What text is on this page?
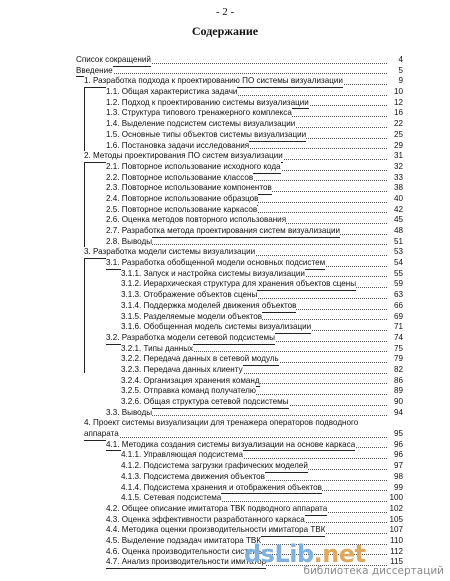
- 2 -
Содержание
Список сокращений	4
Введение	5
1. Разработка подхода к проектированию ПО системы визуализации	9
1.1. Общая характеристика задачи	10
1.2. Подход к проектированию системы визуализации	12
1.3. Структура типового тренажерного комплекса	16
1.4. Выделение подсистем системы визуализации	22
1.5. Основные типы объектов системы визуализации	25
1.6. Постановка задачи исследования	29
2. Методы проектирования ПО систем визуализации	31
2.1. Повторное использование исходного кода	32
2.2. Повторное использование классов	33
2.3. Повторное использование компонентов	38
2.4. Повторное использование образцов	40
2.5. Повторное использование каркасов	42
2.6. Оценка методов повторного использования	45
2.7. Разработка метода проектирования систем визуализации	48
2.8. Выводы	51
3. Разработка модели системы визуализации	53
3.1. Разработка обобщенной модели основных подсистем	54
3.1.1. Запуск и настройка системы визуализации	55
3.1.2. Иерархическая структура для хранения объектов сцены	59
3.1.3. Отображение объектов сцены	63
3.1.4. Поддержка моделей движения объектов	66
3.1.5. Разделяемые модели объектов	69
3.1.6. Обобщенная модель системы визуализации	71
3.2. Разработка модели сетевой подсистемы	74
3.2.1. Типы данных	75
3.2.2. Передача данных в сетевой модуль	79
3.2.3. Передача данных клиенту	82
3.2.4. Организация хранения команд	86
3.2.5. Отправка команд получателю	89
3.2.6. Общая структура сетевой подсистемы	90
3.3. Выводы	94
4. Проект системы визуализации для тренажера операторов подводного
аппарата	95
4.1. Методика создания системы визуализации на основе каркаса	96
4.1.1. Управляющая подсистема	96
4.1.2. Подсистема загрузки графических моделей	97
4.1.3. Подсистема движения объектов	98
4.1.4. Подсистема хранения и отображения объектов	99
4.1.5. Сетевая подсистема	100
4.2. Общее описание имитатора ТВК подводного аппарата	102
4.3. Оценка эффективности разработанного каркаса	105
4.4. Методика оценки производительности имитатора ТВК	107
4.5. Выделение подзадач имитатора ТВК	110
4.6. Оценка производительности системы	112
4.7. Анализ производительности имитатор	115
dsLib.net
библиотека диссертаций
